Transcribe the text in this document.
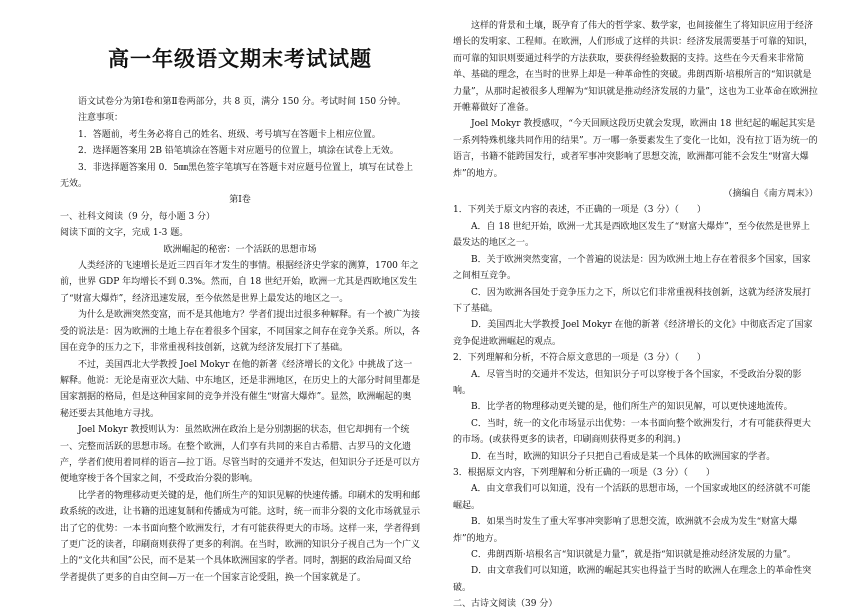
高一年级语文期末考试试题

语文试卷分为第Ⅰ卷和第Ⅱ卷两部分，共 8 页，满分 150 分。考试时间 150 分钟。

注意事项：

1．答题前，考生务必将自己的姓名、班级、考号填写在答题卡上相应位置。

2．选择题答案用 2B 铅笔填涂在答题卡对应题号的位置上，填涂在试卷上无效。

3．非选择题答案用 0．5㎜黑色签字笔填写在答题卡对应题号位置上，填写在试卷上无效。

第Ⅰ卷

一、社科文阅读（9 分，每小题 3 分）

阅读下面的文字，完成 1-3 题。

欧洲崛起的秘密：一个活跃的思想市场

人类经济的飞速增长是近三四百年才发生的事情。根据经济史学家的测算，1700 年之前，世界 GDP 年均增长不到 0.3%。然而，自 18 世纪开始，欧洲一尤其是西欧地区发生了“财富大爆炸”，经济迅速发展，至今依然是世界上最发达的地区之一。

为什么是欧洲突然变富，而不是其他地方？学者们提出过很多种解释。有一个被广为接受的说法是：因为欧洲的土地上存在着很多个国家，不同国家之间存在竞争关系。所以，各国在竞争的压力之下，非常重视科技创新，这就为经济发展打下了基础。

不过，美国西北大学教授 Joel Mokyr 在他的新著《经济增长的文化》中挑战了这一解释。他说：无论是南亚次大陆、中东地区，还是非洲地区，在历史上的大部分时间里都是国家割据的格局，但是这种国家间的竞争并没有催生“财富大爆炸”。显然，欧洲崛起的奥秘还要去其他地方寻找。

Joel Mokyr 教授则认为：虽然欧洲在政治上是分别割据的状态，但它却拥有一个统一、完整而活跃的思想市场。在整个欧洲，人们享有共同的来自古希腊、古罗马的文化遗产，学者们使用着同样的语言—拉丁语。尽管当时的交通并不发达，但知识分子还是可以方便地穿梭于各个国家之间，不受政治分裂的影响。

比学者的物理移动更关键的是，他们所生产的知识见解的快速传播。印刷术的发明和邮政系统的改进，让书籍的迅速复制和传播成为可能。这时，统一而非分裂的文化市场就显示出了它的优势：一本书面向整个欧洲发行，才有可能获得更大的市场。这样一来，学者得到了更广泛的读者，印刷商则获得了更多的利润。在当时，欧洲的知识分子视自己为一个广义上的“文化共和国”公民，而不是某一个具体欧洲国家的学者。同时，割据的政治局面又给学者提供了更多的自由空间—万一在一个国家言论受阻，换一个国家就是了。

这样的背景和土壤，既孕育了伟大的哲学家、数学家，也间接催生了将知识应用于经济增长的发明家、工程师。在欧洲，人们形成了这样的共识：经济发展需要基于可靠的知识，而可靠的知识则要通过科学的方法获取，要获得经验数据的支持。这些在今天看来非常简单、基础的理念，在当时的世界上却是一种革命性的突破。弗朗西斯·培根所言的“知识就是力量”，从那时起被很多人理解为“知识就是推动经济发展的力量”，这也为工业革命在欧洲拉开帷幕做好了准备。

Joel Mokyr 教授感叹，“今天回顾这段历史就会发现，欧洲由 18 世纪起的崛起其实是一系列特殊机缘共同作用的结果”。万一哪一条要素发生了变化一比如，没有拉丁语为统一的语言，书籍不能跨国发行，或者军事冲突影响了思想交流，欧洲都可能不会发生“财富大爆炸”的地方。

（摘编自《南方周末》）

1．下列关于原文内容的表述，不正确的一项是（3 分）（　　）

A．自 18 世纪开始，欧洲一尤其是西欧地区发生了“财富大爆炸”，至今依然是世界上最发达的地区之一。

B．关于欧洲突然变富，一个普遍的说法是：因为欧洲土地上存在着很多个国家，国家之间相互竞争。

C．因为欧洲各国处于竞争压力之下，所以它们非常重视科技创新，这就为经济发展打下了基础。

D．美国西北大学教授 Joel Mokyr 在他的新著《经济增长的文化》中彻底否定了国家竞争促进欧洲崛起的观点。

2．下列理解和分析，不符合原文意思的一项是（3 分）（　　）

A．尽管当时的交通并不发达，但知识分子可以穿梭于各个国家，不受政治分裂的影响。

B．比学者的物理移动更关键的是，他们所生产的知识见解，可以更快速地流传。

C．当时，统一的文化市场显示出优势：一本书面向整个欧洲发行，才有可能获得更大的市场。(或获得更多的读者，印刷商则获得更多的利润。)

D．在当时，欧洲的知识分子只把自己看成是某一个具体的欧洲国家的学者。

3．根据原文内容，下列理解和分析正确的一项是（3 分）（　　）

A．由文章我们可以知道，没有一个活跃的思想市场，一个国家或地区的经济就不可能崛起。

B．如果当时发生了重大军事冲突影响了思想交流，欧洲就不会成为发生“财富大爆炸”的地方。

C．弗朗西斯·培根名言“知识就是力量”，就是指“知识就是推动经济发展的力量”。

D．由文章我们可以知道，欧洲的崛起其实也得益于当时的欧洲人在理念上的革命性突破。

二、古诗文阅读（39 分）
